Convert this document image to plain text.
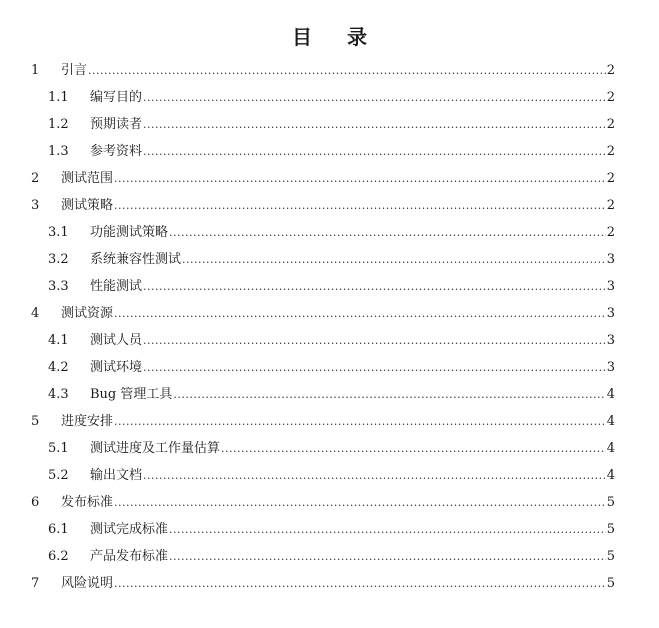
目 录
1	引言 .....	2
1.1	编写目的 .....	2
1.2	预期读者 .....	2
1.3	参考资料 .....	2
2	测试范围 .....	2
3	测试策略 .....	2
3.1	功能测试策略 .....	2
3.2	系统兼容性测试 .....	3
3.3	性能测试 .....	3
4	测试资源 .....	3
4.1	测试人员 .....	3
4.2	测试环境 .....	3
4.3	Bug 管理工具 .....	4
5	进度安排 .....	4
5.1	测试进度及工作量估算 .....	4
5.2	输出文档 .....	4
6	发布标准 .....	5
6.1	测试完成标准 .....	5
6.2	产品发布标准 .....	5
7	风险说明 .....	5
